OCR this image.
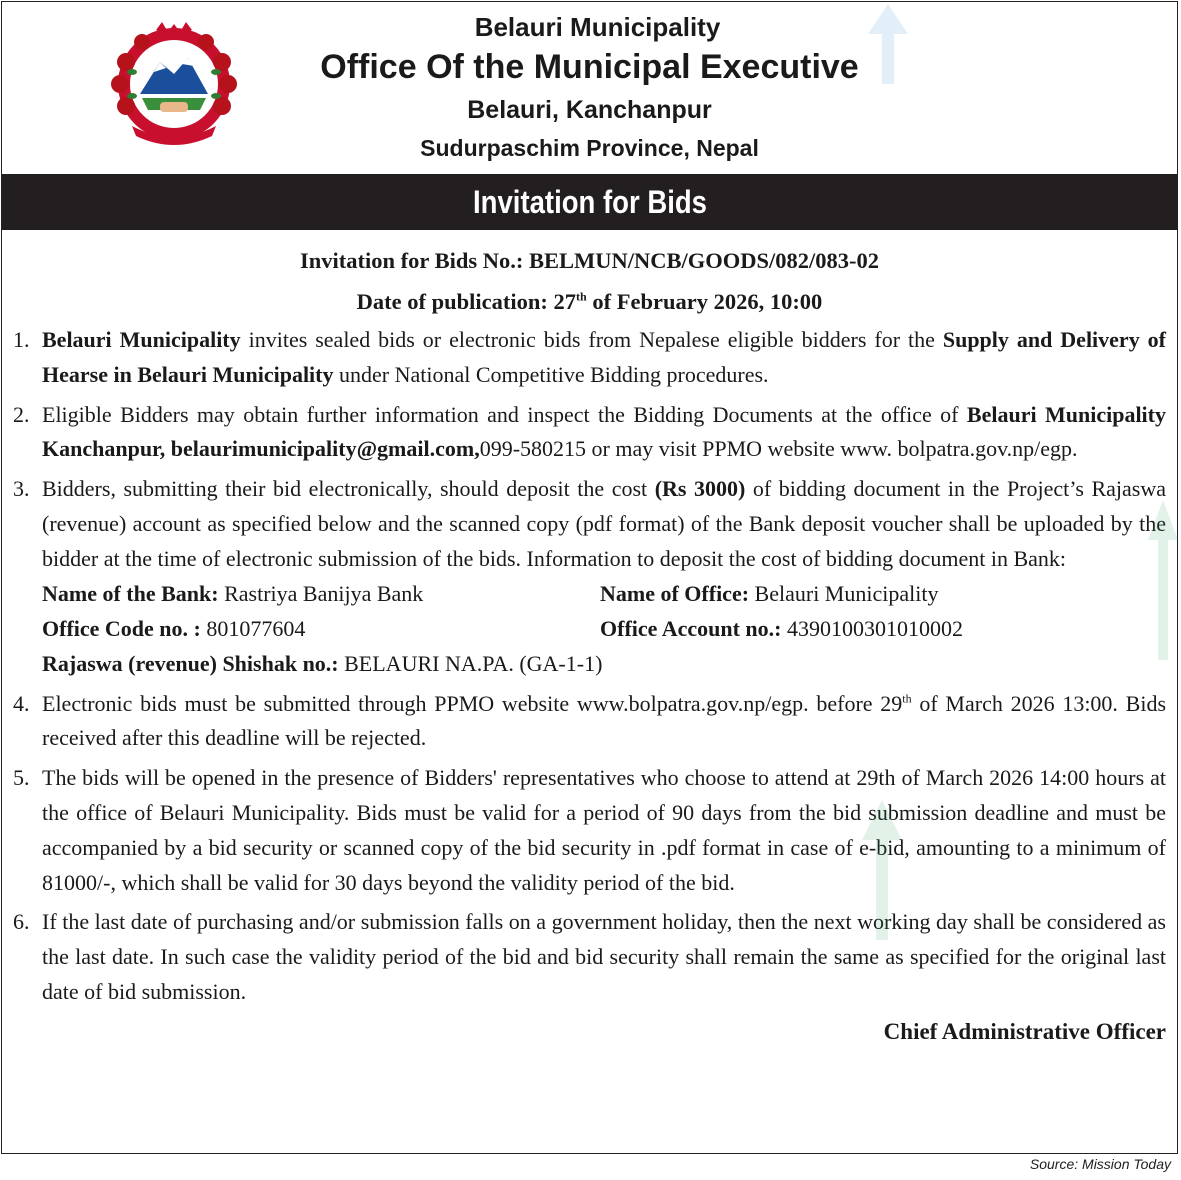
Belauri Municipality
Office Of the Municipal Executive
Belauri, Kanchanpur
Sudurpaschim Province, Nepal
Invitation for Bids
Invitation for Bids No.: BELMUN/NCB/GOODS/082/083-02
Date of publication: 27th of February 2026, 10:00
1. Belauri Municipality invites sealed bids or electronic bids from Nepalese eligible bidders for the Supply and Delivery of Hearse in Belauri Municipality under National Competitive Bidding procedures.
2. Eligible Bidders may obtain further information and inspect the Bidding Documents at the office of Belauri Municipality Kanchanpur, belaurimunicipality@gmail.com,099-580215 or may visit PPMO website www. bolpatra.gov.np/egp.
3. Bidders, submitting their bid electronically, should deposit the cost (Rs 3000) of bidding document in the Project’s Rajaswa (revenue) account as specified below and the scanned copy (pdf format) of the Bank deposit voucher shall be uploaded by the bidder at the time of electronic submission of the bids. Information to deposit the cost of bidding document in Bank:
Name of the Bank: Rastriya Banijya Bank	Name of Office: Belauri Municipality
Office Code no. : 801077604	Office Account no.: 4390100301010002
Rajaswa (revenue) Shishak no.: BELAURI NA.PA. (GA-1-1)
4. Electronic bids must be submitted through PPMO website www.bolpatra.gov.np/egp. before 29th of March 2026 13:00. Bids received after this deadline will be rejected.
5. The bids will be opened in the presence of Bidders' representatives who choose to attend at 29th of March 2026 14:00 hours at the office of Belauri Municipality. Bids must be valid for a period of 90 days from the bid submission deadline and must be accompanied by a bid security or scanned copy of the bid security in .pdf format in case of e-bid, amounting to a minimum of 81000/-, which shall be valid for 30 days beyond the validity period of the bid.
6. If the last date of purchasing and/or submission falls on a government holiday, then the next working day shall be considered as the last date. In such case the validity period of the bid and bid security shall remain the same as specified for the original last date of bid submission.
Chief Administrative Officer
Source: Mission Today
